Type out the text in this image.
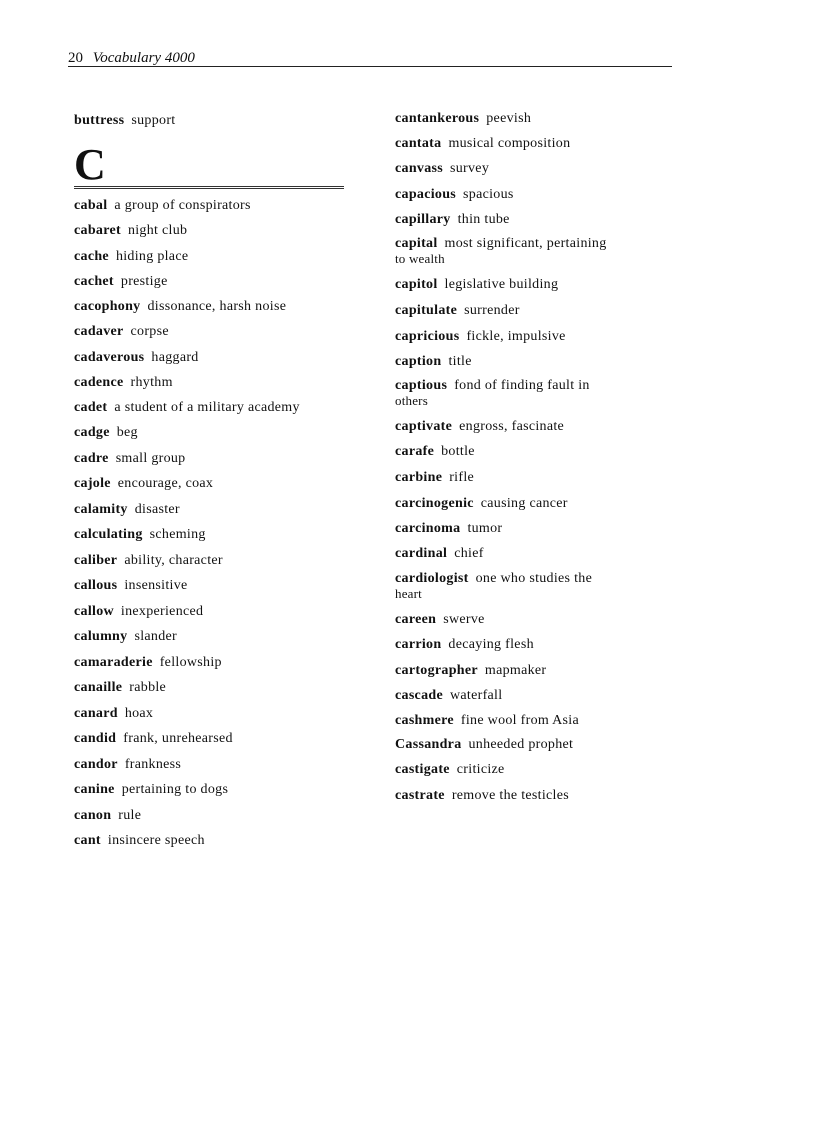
20 Vocabulary 4000
C
buttress support
cabal a group of conspirators
cabaret night club
cache hiding place
cachet prestige
cacophony dissonance, harsh noise
cadaver corpse
cadaverous haggard
cadence rhythm
cadet a student of a military academy
cadge beg
cadre small group
cajole encourage, coax
calamity disaster
calculating scheming
caliber ability, character
callous insensitive
callow inexperienced
calumny slander
camaraderie fellowship
canaille rabble
canard hoax
candid frank, unrehearsed
candor frankness
canine pertaining to dogs
canon rule
cant insincere speech
cantankerous peevish
cantata musical composition
canvass survey
capacious spacious
capillary thin tube
capital most significant, pertaining
to wealth
capitol legislative building
capitulate surrender
capricious fickle, impulsive
caption title
captious fond of finding fault in
others
captivate engross, fascinate
carafe bottle
carbine rifle
carcinogenic causing cancer
carcinoma tumor
cardinal chief
cardiologist one who studies the
heart
careen swerve
carrion decaying flesh
cartographer mapmaker
cascade waterfall
cashmere fine wool from Asia
Cassandra unheeded prophet
castigate criticize
castrate remove the testicles
